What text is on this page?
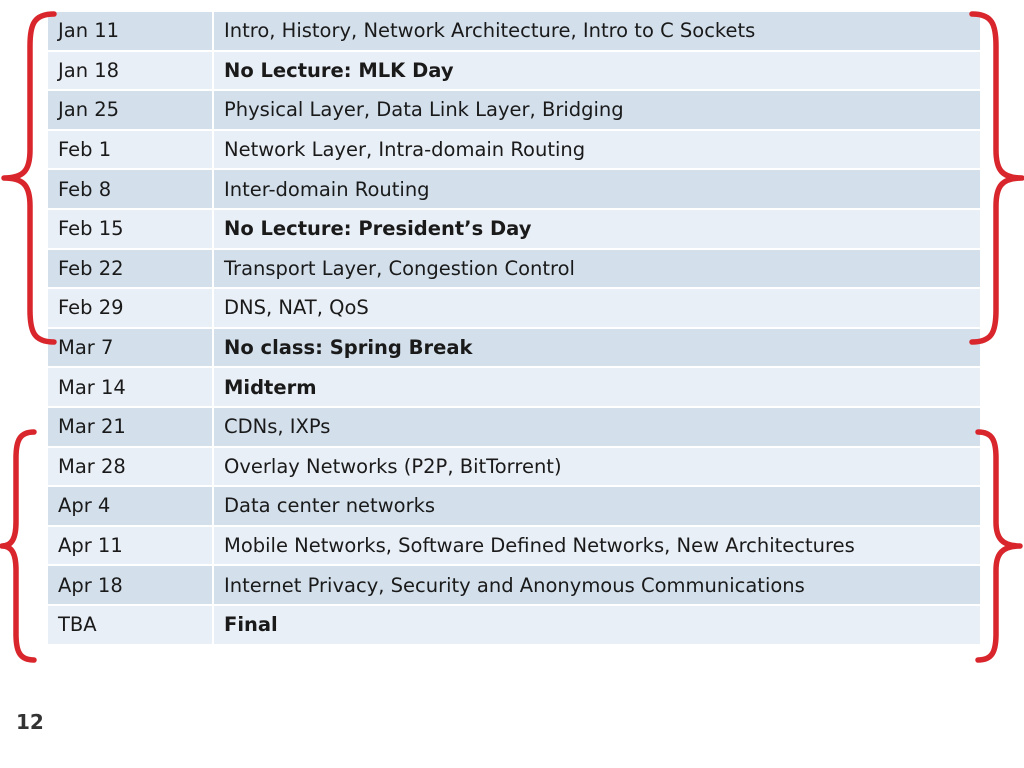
Jan 11	Intro, History, Network Architecture, Intro to C Sockets
Jan 18	No Lecture: MLK Day
Jan 25	Physical Layer, Data Link Layer, Bridging
Feb 1	Network Layer, Intra-domain Routing
Feb 8	Inter-domain Routing
Feb 15	No Lecture: President’s Day
Feb 22	Transport Layer, Congestion Control
Feb 29	DNS, NAT, QoS
Mar 7	No class: Spring Break
Mar 14	Midterm
Mar 21	CDNs, IXPs
Mar 28	Overlay Networks (P2P, BitTorrent)
Apr 4	Data center networks
Apr 11	Mobile Networks, Software Defined Networks, New Architectures
Apr 18	Internet Privacy, Security and Anonymous Communications
TBA	Final
12
